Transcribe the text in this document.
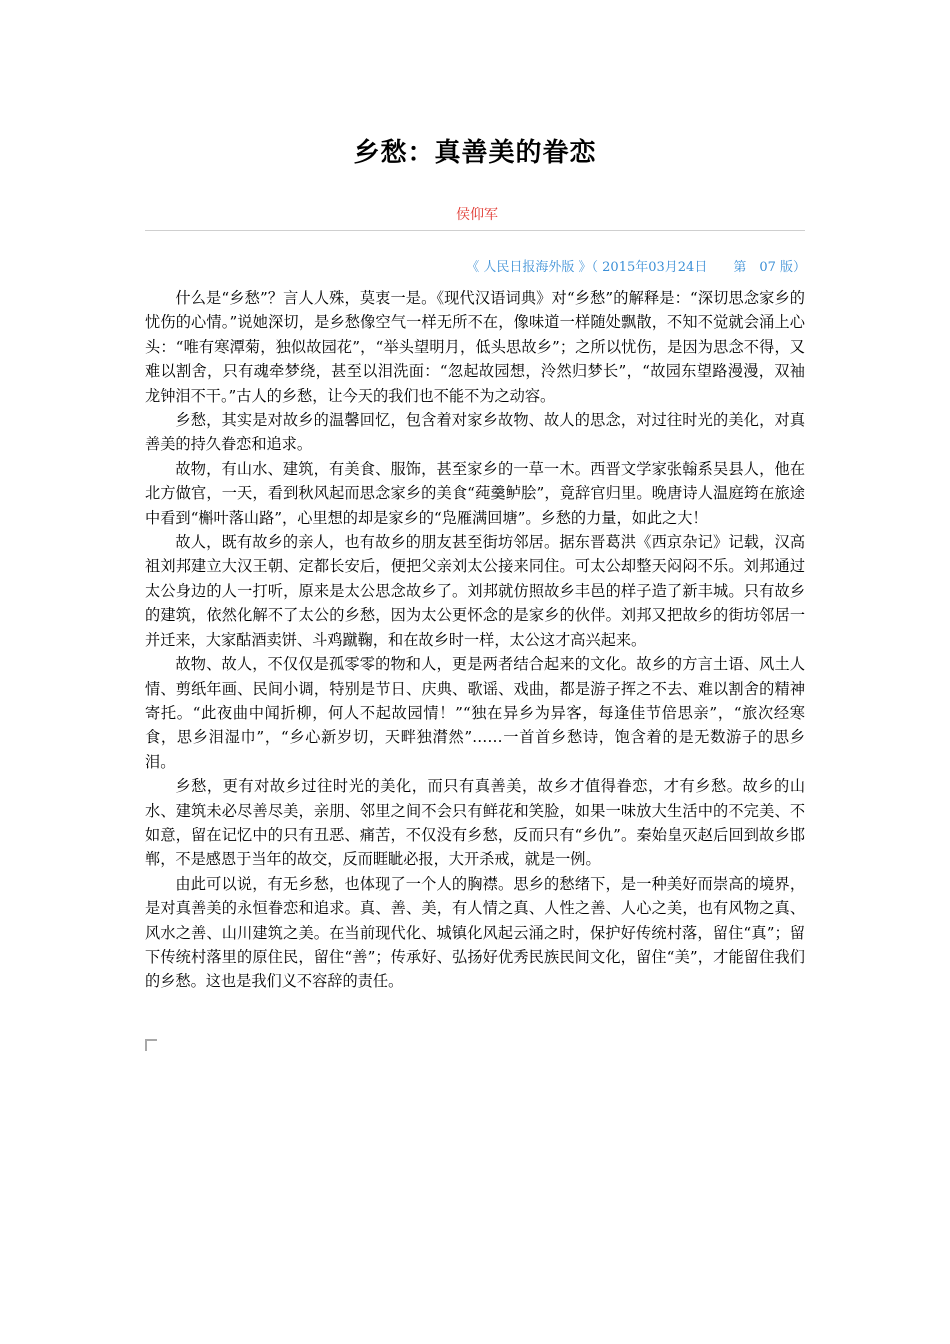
乡愁：真善美的眷恋
侯仰军
《 人民日报海外版 》（ 2015年03月24日　　第　07 版）

什么是“乡愁”？言人人殊，莫衷一是。《现代汉语词典》对“乡愁”的解释是：“深切思念家乡的忧伤的心情。”说她深切，是乡愁像空气一样无所不在，像味道一样随处飘散，不知不觉就会涌上心头：“唯有寒潭菊，独似故园花”，“举头望明月，低头思故乡”；之所以忧伤，是因为思念不得，又难以割舍，只有魂牵梦绕，甚至以泪洗面：“忽起故园想，泠然归梦长”，“故园东望路漫漫，双袖龙钟泪不干。”古人的乡愁，让今天的我们也不能不为之动容。

乡愁，其实是对故乡的温馨回忆，包含着对家乡故物、故人的思念，对过往时光的美化，对真善美的持久眷恋和追求。

故物，有山水、建筑，有美食、服饰，甚至家乡的一草一木。西晋文学家张翰系吴县人，他在北方做官，一天，看到秋风起而思念家乡的美食“莼羹鲈脍”，竟辞官归里。晚唐诗人温庭筠在旅途中看到“槲叶落山路”，心里想的却是家乡的“凫雁满回塘”。乡愁的力量，如此之大！

故人，既有故乡的亲人，也有故乡的朋友甚至街坊邻居。据东晋葛洪《西京杂记》记载，汉高祖刘邦建立大汉王朝、定都长安后，便把父亲刘太公接来同住。可太公却整天闷闷不乐。刘邦通过太公身边的人一打听，原来是太公思念故乡了。刘邦就仿照故乡丰邑的样子造了新丰城。只有故乡的建筑，依然化解不了太公的乡愁，因为太公更怀念的是家乡的伙伴。刘邦又把故乡的街坊邻居一并迁来，大家酤酒卖饼、斗鸡蹴鞠，和在故乡时一样，太公这才高兴起来。

故物、故人，不仅仅是孤零零的物和人，更是两者结合起来的文化。故乡的方言土语、风土人情、剪纸年画、民间小调，特别是节日、庆典、歌谣、戏曲，都是游子挥之不去、难以割舍的精神寄托。“此夜曲中闻折柳，何人不起故园情！”“独在异乡为异客，每逢佳节倍思亲”，“旅次经寒食，思乡泪湿巾”，“乡心新岁切，天畔独潸然”……一首首乡愁诗，饱含着的是无数游子的思乡泪。

乡愁，更有对故乡过往时光的美化，而只有真善美，故乡才值得眷恋，才有乡愁。故乡的山水、建筑未必尽善尽美，亲朋、邻里之间不会只有鲜花和笑脸，如果一味放大生活中的不完美、不如意，留在记忆中的只有丑恶、痛苦，不仅没有乡愁，反而只有“乡仇”。秦始皇灭赵后回到故乡邯郸，不是感恩于当年的故交，反而睚眦必报，大开杀戒，就是一例。

由此可以说，有无乡愁，也体现了一个人的胸襟。思乡的愁绪下，是一种美好而崇高的境界，是对真善美的永恒眷恋和追求。真、善、美，有人情之真、人性之善、人心之美，也有风物之真、风水之善、山川建筑之美。在当前现代化、城镇化风起云涌之时，保护好传统村落，留住“真”；留下传统村落里的原住民，留住“善”；传承好、弘扬好优秀民族民间文化，留住“美”，才能留住我们的乡愁。这也是我们义不容辞的责任。
